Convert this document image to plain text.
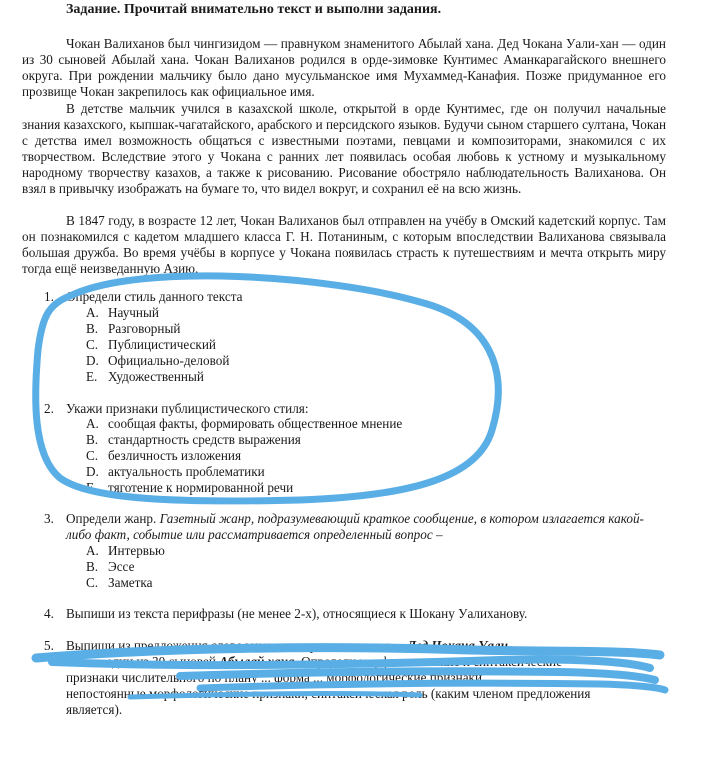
Задание. Прочитай внимательно текст и выполни задания.

Чокан Валиханов был чингизидом — правнуком знаменитого Абылай хана. Дед Чокана Уали-хан — один из 30 сыновей Абылай хана. Чокан Валиханов родился в орде-зимовке Кунтимес Аманкарагайского внешнего округа. При рождении мальчику было дано мусульманское имя Мухаммед-Канафия. Позже придуманное его прозвище Чокан закрепилось как официальное имя.

В детстве мальчик учился в казахской школе, открытой в орде Кунтимес, где он получил начальные знания казахского, кыпшак-чагатайского, арабского и персидского языков. Будучи сыном старшего султана, Чокан с детства имел возможность общаться с известными поэтами, певцами и композиторами, знакомился с их творчеством. Вследствие этого у Чокана с ранних лет появилась особая любовь к устному и музыкальному народному творчеству казахов, а также к рисованию. Рисование обостряло наблюдательность Валиханова. Он взял в привычку изображать на бумаге то, что видел вокруг, и сохранил её на всю жизнь.

В 1847 году, в возрасте 12 лет, Чокан Валиханов был отправлен на учёбу в Омский кадетский корпус. Там он познакомился с кадетом младшего класса Г. Н. Потаниным, с которым впоследствии Валиханова связывала большая дружба. Во время учёбы в корпусе у Чокана появилась страсть к путешествиям и мечта открыть миру тогда ещё неизведанную Азию.

1. Определи стиль данного текста
A. Научный
B. Разговорный
C. Публицистический
D. Официально-деловой
E. Художественный
2. Укажи признаки публицистического стиля:
A. сообщая факты, формировать общественное мнение
B. стандартность средств выражения
C. безличность изложения
D. актуальность проблематики
E. тяготение к нормированной речи
3. Определи жанр. Газетный жанр, подразумевающий краткое сообщение, в котором излагается какой-либо факт, событие или рассматривается определенный вопрос –
A. Интервью
B. Эссе
C. Заметка
4. Выпиши из текста перифразы (не менее 2-х), относящиеся к Шокану Уалиханову.
5. Выпиши из предложения словосочетание прилагательное ... Дед Чокана Уали-
хан — один из 30 сыновей Абылай хана. Определи морфологические и синтаксические
признаки числительного по плану ... форма ... морфологические признаки,
непостоянные морфологические признаки, синтаксическая роль (каким членом предложения
является).
